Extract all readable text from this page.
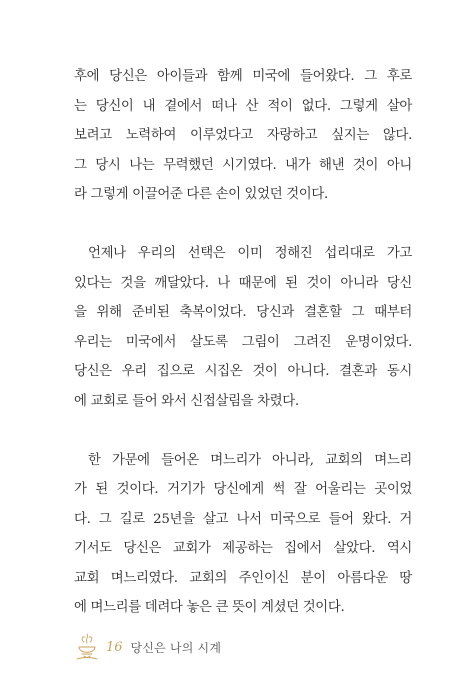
후에 당신은 아이들과 함께 미국에 들어왔다. 그 후로
는 당신이 내 곁에서 떠나 산 적이 없다. 그렇게 살아
보려고 노력하여 이루었다고 자랑하고 싶지는 않다.
그 당시 나는 무력했던 시기였다. 내가 해낸 것이 아니
라 그렇게 이끌어준 다른 손이 있었던 것이다.
언제나 우리의 선택은 이미 정해진 섭리대로 가고
있다는 것을 깨달았다. 나 때문에 된 것이 아니라 당신
을 위해 준비된 축복이었다. 당신과 결혼할 그 때부터
우리는 미국에서 살도록 그림이 그려진 운명이었다.
당신은 우리 집으로 시집온 것이 아니다. 결혼과 동시
에 교회로 들어 와서 신접살림을 차렸다.
한 가문에 들어온 며느리가 아니라, 교회의 며느리
가 된 것이다. 거기가 당신에게 썩 잘 어울리는 곳이었
다. 그 길로 25년을 살고 나서 미국으로 들어 왔다. 거
기서도 당신은 교회가 제공하는 집에서 살았다. 역시
교회 며느리였다. 교회의 주인이신 분이 아름다운 땅
에 며느리를 데려다 놓은 큰 뜻이 계셨던 것이다.
16 당신은 나의 시계
